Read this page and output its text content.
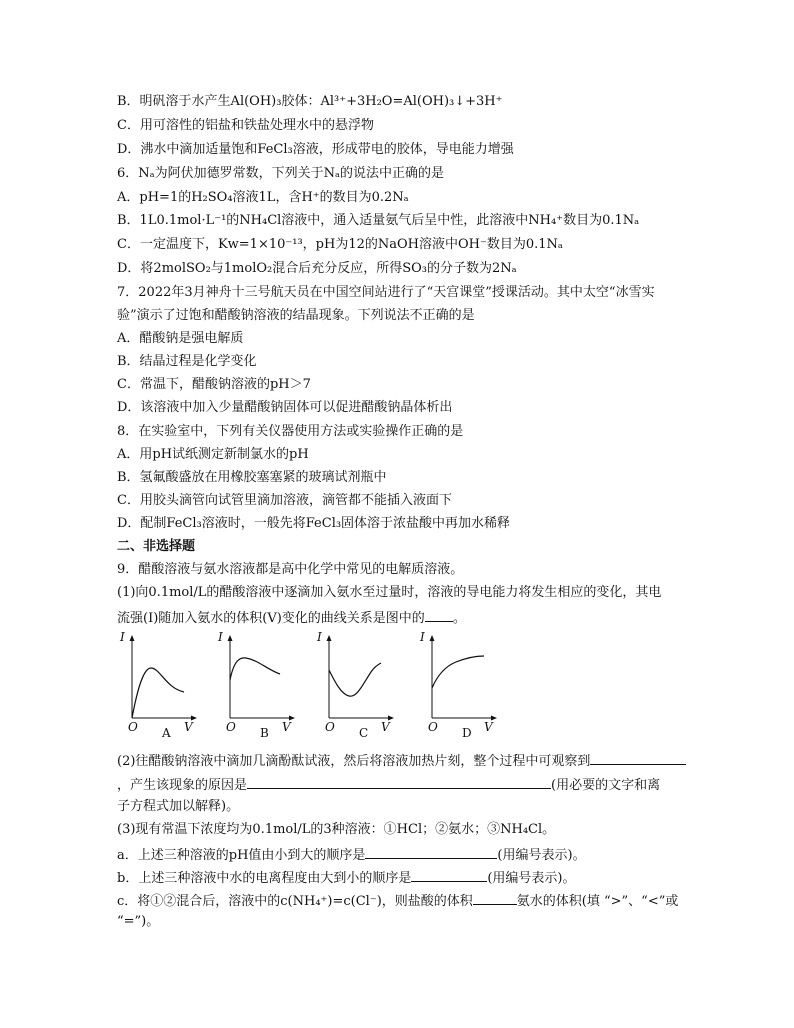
B．明矾溶于水产生Al(OH)₃胶体：Al³⁺+3H₂O=Al(OH)₃↓+3H⁺
C．用可溶性的铝盐和铁盐处理水中的悬浮物
D．沸水中滴加适量饱和FeCl₃溶液，形成带电的胶体，导电能力增强
6．Nₐ为阿伏加德罗常数，下列关于Nₐ的说法中正确的是
A．pH=1的H₂SO₄溶液1L，含H⁺的数目为0.2Nₐ
B．1L0.1mol·L⁻¹的NH₄Cl溶液中，通入适量氨气后呈中性，此溶液中NH₄⁺数目为0.1Nₐ
C．一定温度下，Kw=1×10⁻¹³，pH为12的NaOH溶液中OH⁻数目为0.1Nₐ
D．将2molSO₂与1molO₂混合后充分反应，所得SO₃的分子数为2Nₐ
7．2022年3月神舟十三号航天员在中国空间站进行了“天宫课堂”授课活动。其中太空“冰雪实
验”演示了过饱和醋酸钠溶液的结晶现象。下列说法不正确的是
A．醋酸钠是强电解质
B．结晶过程是化学变化
C．常温下，醋酸钠溶液的pH＞7
D．该溶液中加入少量醋酸钠固体可以促进醋酸钠晶体析出
8．在实验室中，下列有关仪器使用方法或实验操作正确的是
A．用pH试纸测定新制氯水的pH
B．氢氟酸盛放在用橡胶塞塞紧的玻璃试剂瓶中
C．用胶头滴管向试管里滴加溶液，滴管都不能插入液面下
D．配制FeCl₃溶液时，一般先将FeCl₃固体溶于浓盐酸中再加水稀释
二、非选择题
9．醋酸溶液与氨水溶液都是高中化学中常见的电解质溶液。
(1)向0.1mol/L的醋酸溶液中逐滴加入氨水至过量时，溶液的导电能力将发生相应的变化，其电
流强(I)随加入氨水的体积(V)变化的曲线关系是图中的 。
I
O	V
A
I
O	V
B
I
O	V
C
I
O	V
D
(2)往醋酸钠溶液中滴加几滴酚酞试液，然后将溶液加热片刻，整个过程中可观察到
，产生该现象的原因是	(用必要的文字和离
子方程式加以解释)。
(3)现有常温下浓度均为0.1mol/L的3种溶液：①HCl；②氨水；③NH₄Cl。
a．上述三种溶液的pH值由小到大的顺序是	(用编号表示)。
b．上述三种溶液中水的电离程度由大到小的顺序是	(用编号表示)。
c．将①②混合后，溶液中的c(NH₄⁺)=c(Cl⁻)，则盐酸的体积	氨水的体积(填 “>”、“<”或
“=”)。
